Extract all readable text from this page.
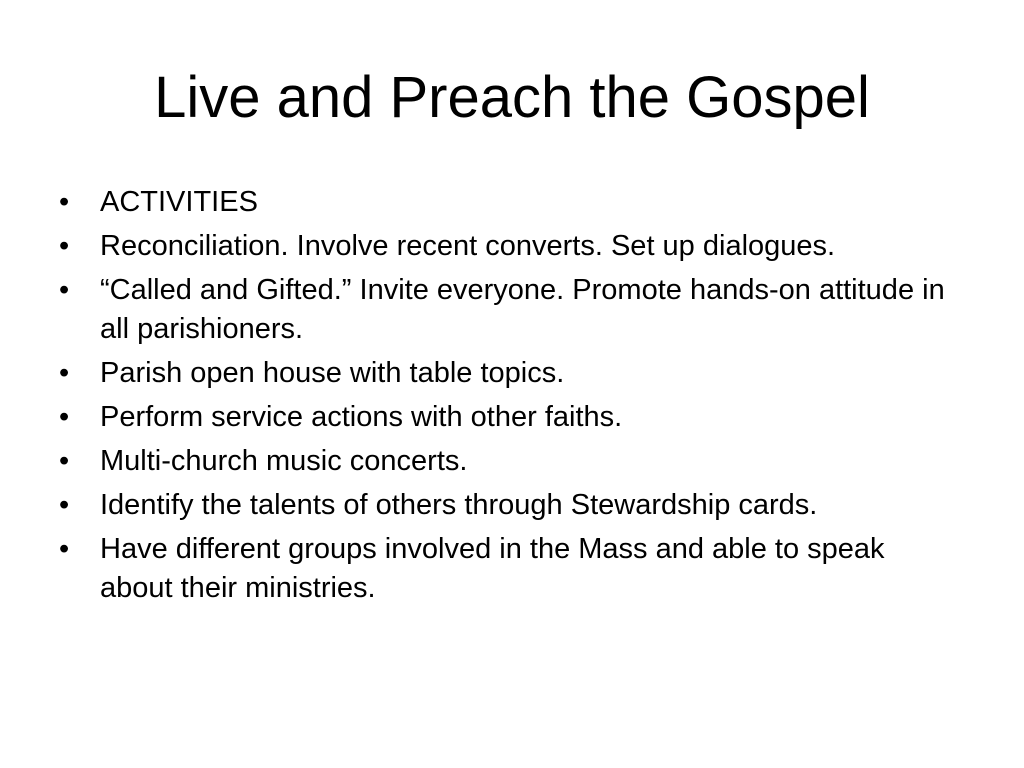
Live and Preach the Gospel
•	ACTIVITIES
•	Reconciliation. Involve recent converts. Set up dialogues.
•	“Called and Gifted.” Invite everyone. Promote hands-on attitude in all parishioners.
•	Parish open house with table topics.
•	Perform service actions with other faiths.
•	Multi-church music concerts.
•	Identify the talents of others through Stewardship cards.
•	Have different groups involved in the Mass and able to speak about their ministries.
